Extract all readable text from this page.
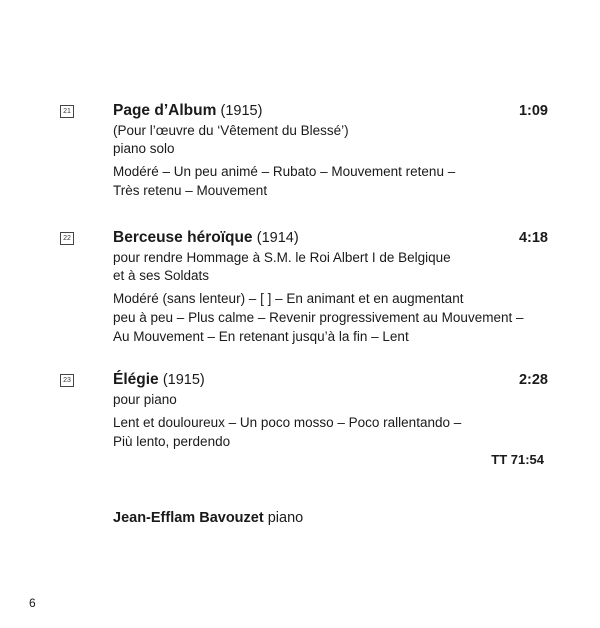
21	Page d’Album (1915)	1:09
(Pour l’œuvre du ‘Vêtement du Blessé’)
piano solo
Modéré – Un peu animé – Rubato – Mouvement retenu –
Très retenu – Mouvement
22	Berceuse héroïque (1914)	4:18
pour rendre Hommage à S.M. le Roi Albert I de Belgique
et à ses Soldats
Modéré (sans lenteur) – [ ] – En animant et en augmentant
peu à peu – Plus calme – Revenir progressivement au Mouvement –
Au Mouvement – En retenant jusqu’à la fin – Lent
23	Élégie (1915)	2:28
pour piano
Lent et douloureux – Un poco mosso – Poco rallentando –
Più lento, perdendo
TT 71:54
Jean-Efflam Bavouzet piano
6
